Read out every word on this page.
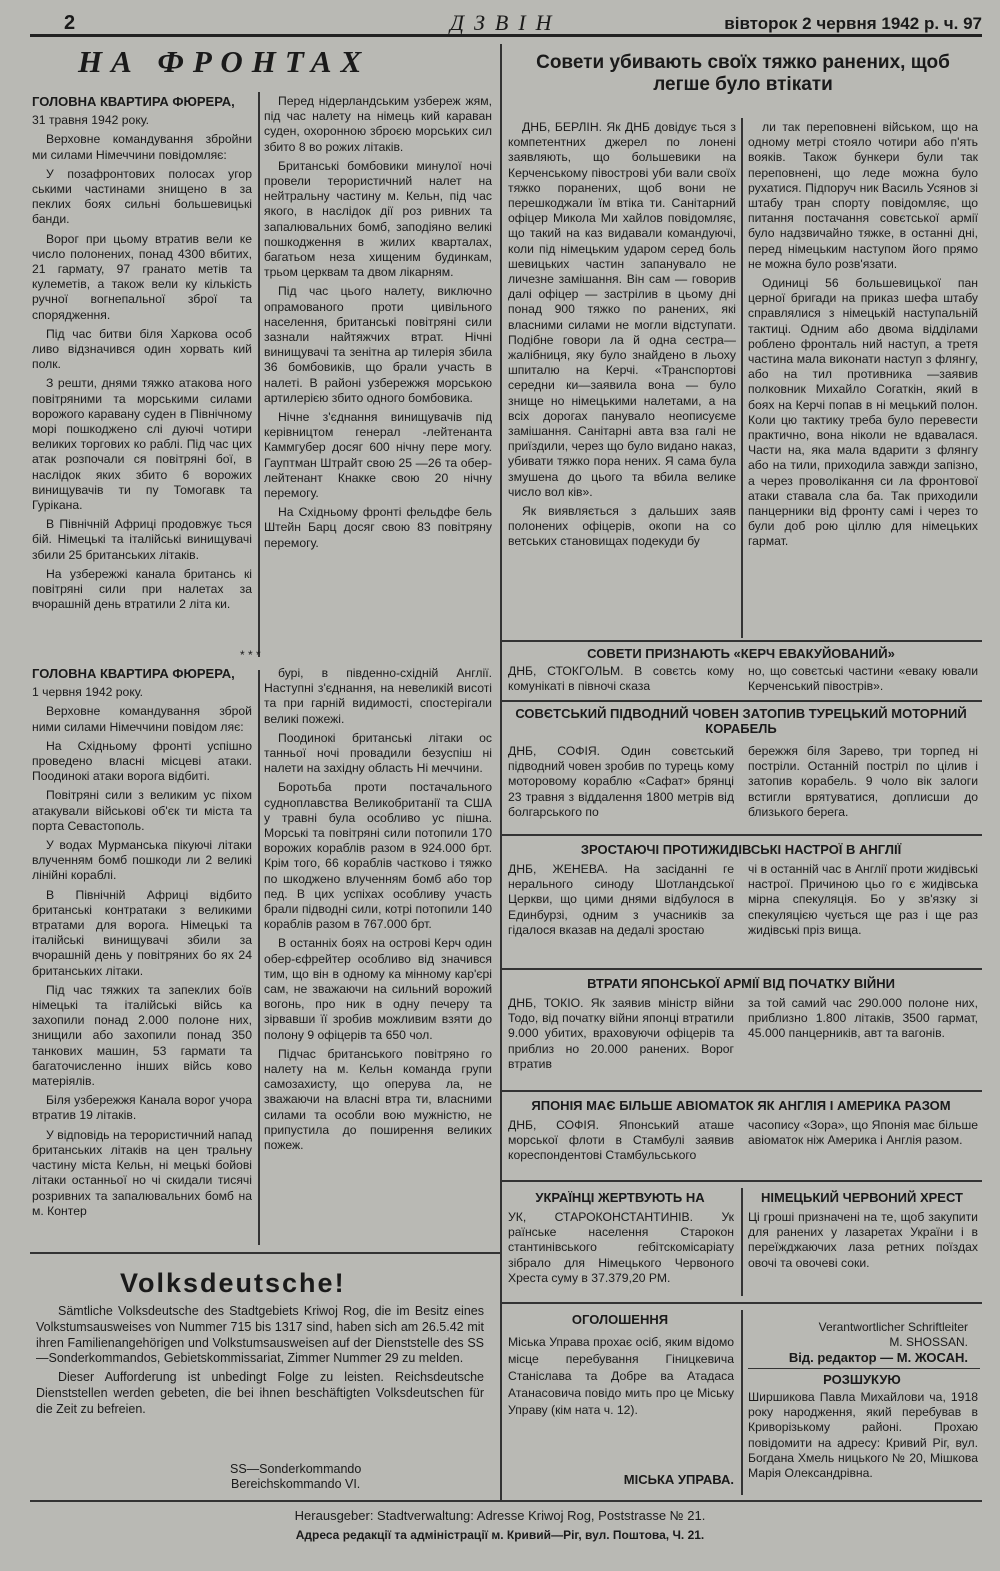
2	ДЗВІН	вівторок 2 червня 1942 р. ч. 97
НА ФРОНТАХ

ГОЛОВНА КВАРТИРА ФЮРЕРА,

31 травня 1942 року.

Верховне командування збройни ми силами Німеччини повідомляє:

У позафронтових полосах угор ськими частинами знищено в за пеклих боях сильні большевицькі банди.

Ворог при цьому втратив вели ке число полонених, понад 4300 вбитих, 21 гармату, 97 гранато метів та кулеметів, а також вели ку кількість ручної вогнепальної зброї та спорядження.

Під час битви біля Харкова особ ливо відзначився один хорвать кий полк.

З решти, днями тяжко атакова ного повітряними та морськими силами ворожого каравану суден в Північному морі пошкоджено слі дуючі чотири великих торгових ко раблі. Під час цих атак розпочали ся повітряні бої, в наслідок яких збито 6 ворожих винищувачів ти пу Томогавк та Гурікана.

В Північній Африці продовжує ться бій. Німецькі та італійські винищувачі збили 25 британських літаків.

На узбережжі канала британсь кі повітряні сили при налетах за вчорашній день втратили 2 літа ки.

Перед нідерландським узбереж жям, під час налету на німець кий караван суден, охоронною зброєю морських сил збито 8 во рожих літаків.

Британські бомбовики минулої ночі провели терористичний налет на нейтральну частину м. Кельн, під час якого, в наслідок дії роз ривних та запалювальних бомб, заподіяно великі пошкодження в жилих кварталах, багатьом неза хищеним будинкам, трьом церквам та двом лікарням.

Під час цього налету, виключно опрамованого проти цивільного населення, британські повітряні сили зазнали найтяжчих втрат. Нічні винищувачі та зенітна ар тилерія збила 36 бомбовиків, що брали участь в налеті. В районі узбережжя морською артилерією збито одного бомбовика.

Нічне з'єднання винищувачів під керівництом генерал -лейтенанта Каммгубер досяг 600 нічну пере могу. Гауптман Штрайт свою 25 —26 та обер-лейтенант Кнакке свою 20 нічну перемогу.

На Східньому фронті фельдфе бель Штейн Барц досяг свою 83 повітряну перемогу.

* * *

ГОЛОВНА КВАРТИРА ФЮРЕРА,

1 червня 1942 року.

Верховне командування збрoй ними силами Німеччини повідом ляє:

На Східньому фронті успішно проведено власні місцеві атаки. Поодинокі атаки ворога відбиті.

Повітряні сили з великим ус піхом атакували військові об'єк ти міста та порта Севастополь.

У водах Мурманська пікуючі літаки влученням бомб пошкоди ли 2 великі лінійні кораблі.

В Північній Африці відбито британські контратаки з великими втратами для ворога. Німецькі та італійські винищувачі збили за вчорашній день у повітряних бо ях 24 британських літаки.

Під час тяжких та запеклих боїв німецькі та італійські війсь ка захопили понад 2.000 полоне них, знищили або захопили понад 350 танкових машин, 53 гармати та багаточисленно інших війсь ково матеріялів.

Біля узбережжя Канала ворог учора втратив 19 літаків.

У відповідь на терористичний напад британських літаків на цен тральну частину міста Кельн, ні мецькі бойові літаки останньої но чі скидали тисячі розривних та запалювальних бомб на м. Контер

бурі, в південно-східній Англії. Наступні з'єднання, на невеликій висоті та при гарній видимості, спостерігали великі пожежі.

Поодинокі британські літаки ос танньої ночі провадили безуспіш ні налети на західну область Ні меччини.

Боротьба проти постачального судноплавства Великобританії та США у травні була особливо ус пішна. Морські та повітряні сили потопили 170 ворожих кораблів разом в 924.000 брт. Крім того, 66 кораблів частково і тяжко по шкоджено влученням бомб або тор пед. В цих успіхах особливу участь брали підводні сили, котрі потопили 140 кораблів разом в 767.000 брт.

В останніх боях на острові Керч один обер-єфрейтер особливо від значився тим, що він в одному ка мінному кар'єрі сам, не зважаючи на сильний ворожий вогонь, про ник в одну печеру та зірвавши її зробив можливим взяти до полону 9 офіцерів та 650 чол.

Підчас британського повітряно го налету на м. Кельн команда групи самозахисту, що оперува ла, не зважаючи на власні втра ти, власними силами та особли вою мужністю, не припустила до поширення великих пожеж.

Volksdeutsche!

Sämtliche Volksdeutsche des Stadtgebiets Kriwoj Rog, die im Besitz eines Volkstumsausweises von Nummer 715 bis 1317 sind, haben sich am 26.5.42 mit ihren Familienangehörigen und Volkstumsausweisen auf der Dienststelle des SS—Sonderkommandos, Gebietskommissariat, Zimmer Nummer 29 zu melden.

Dieser Aufforderung ist unbedingt Folge zu leisten. Reichsdeutsche Dienststellen werden gebeten, die bei ihnen beschäftigten Volksdeutschen für die Zeit zu befreien.

SS—Sonderkommando
Bereichskommando VI.
Совети убивають своїх тяжко ранених, щоб легше було втікати

ДНБ, БЕРЛІН. Як ДНБ довідує ться з компетентних джерел по лонені заявляють, що большевики на Керченському півострові уби вали своїх тяжко поранених, щоб вони не перешкоджали їм втіка ти. Санітарний офіцер Микола Ми хайлов повідомляє, що такий на каз видавали командуючі, коли під німецьким ударом серед боль шевицьких частин запанувало не личезне замішання. Він сам — говорив далі офіцер — застрілив в цьому дні понад 900 тяжко по ранених, які власними силами не могли відступати. Подібне говори ла й одна сестра—жалібниця, яку було знайдено в льоху шпиталю на Керчі. «Транспортові середни ки—заявила вона — було знище но німецькими налетами, а на всіх дорогах панувало неописуєме замішання. Санітарні авта вза галі не приїздили, через що було видано наказ, убивати тяжко пора нених. Я сама була змушена до цього та вбила велике число вол ків».

Як виявляється з дальших заяв полонених офіцерів, окопи на со ветських становищах подекуди бу

ли так переповнені військом, що на одному метрі стояло чотири або п'ять вояків. Також бункери були так переповнені, що леде можна було рухатися. Підпоруч ник Василь Усянов зі штабу тран спорту повідомляє, що питання постачання совєтської армії було надзвичайно тяжке, в останні дні, перед німецьким наступом його прямо не можна було розв'язати.

Одиниці 56 большевицької пан церної бригади на приказ шефа штабу справлялися з німецькій наступальній тактиці. Одним або двома відділами робленo фронталь ний наступ, а третя частина мала виконати наступ з флянгу, або на тил противника —заявив полковник Михайло Согаткін, який в боях на Керчі попав в ні мецький полон. Коли цю тактику треба було перевести практично, вона ніколи не вдавалася. Части на, яка мала вдарити з флянгу або на тили, приходила завжди запізно, а через проволікання си ла фронтової атаки ставала сла ба. Так приходили панцерники від фронту самі і через то були доб рою ціллю для німецьких гармат.

СОВЕТИ ПРИЗНАЮТЬ «КЕРЧ ЕВАКУЙОВАНИЙ»
ДНБ, СТОКГОЛЬМ. В совєтсь кому комунікаті в півночі сказа
но, що совєтські частини «еваку ювали Керченський півострів».
СОВЄТСЬКИЙ ПІДВОДНИЙ ЧОВЕН ЗАТОПИВ ТУРЕЦЬКИЙ МОТОРНИЙ КОРАБЕЛЬ
ДНБ, СОФІЯ. Один совєтський підводний човен зробив по турець кому моторовому кораблю «Сафат» брянці 23 травня з віддалення 1800 метрів від болгарського по
бережжя біля Зарево, три торпед ні постріли. Останній постріл по цілив і затопив корабель. 9 чоло вік залоги встигли врятуватися, доплисши до близького берега.
ЗРОСТАЮЧІ ПРОТИЖИДІВСЬКІ НАСТРОЇ В АНГЛІЇ
ДНБ, ЖЕНЕВА. На засіданні ге нерального синоду Шотландської Церкви, що цими днями відбулося в Единбурзі, одним з учасників за гідалося вказав на дедалі зростаю
чі в останній час в Англії проти жидівські настрої. Причиною цьо го є жидівська мірна спекуляція. Бо у зв'язку зі спекуляцією чується ще раз і ще раз жидівські пріз вища.
ВТРАТИ ЯПОНСЬКОЇ АРМІЇ ВІД ПОЧАТКУ ВІЙНИ
ДНБ, ТОКІО. Як заявив міністр війни Тодо, від початку війни японці втратили 9.000 убитих, враховуючи офіцерів та приблиз но 20.000 ранених. Ворог втратив
за той самий час 290.000 полоне них, приблизно 1.800 літаків, 3500 гармат, 45.000 панцерників, авт та вагонів.
ЯПОНІЯ МАЄ БІЛЬШЕ АВІОМАТОК ЯК АНГЛІЯ І АМЕРИКА РАЗОМ
ДНБ, СОФІЯ. Японський аташе морської флоти в Стамбулі заявив кореспондентові Стамбульського
часопису «Зора», що Японія має більше авіоматок ніж Америка і Англія разом.
УКРАЇНЦІ ЖЕРТВУЮТЬ НА
УК, СТАРОКОНСТАНТИНІВ. Ук раїнське населення Старокон стантинівського гебітскомісаріату зібрало для Німецького Червоного Хреста суму в 37.379,20 РМ.
НІМЕЦЬКИЙ ЧЕРВОНИЙ ХРЕСТ
Ці гроші призначені на те, щоб закупити для ранених у лазаретах України і в переїжджаючих лаза ретних поїздах овочі та овочеві соки.
ОГОЛОШЕННЯ
Міська Управа прохає осіб, яким відомо місце перебування Гіницкевича Станіслава та Добре ва Атадаса Атанасовича повідо мить про це Міську Управу (кім ната ч. 12).
МІСЬКА УПРАВА.
Verantwortlicher Schriftleiter
M. SHOSSAN.
Від. редактор — М. ЖОСАН.
РОЗШУКУЮ
Ширшикова Павла Михайлови ча, 1918 року народження, який перебував в Криворізькому районі. Прохаю повідомити на адресу: Кривий Ріг, вул. Богдана Хмель ницького № 20, Мішкова Марія Олександрівна.
Herausgeber: Stadtverwaltung: Adresse Kriwoj Rog, Poststrasse № 21.
Адреса редакції та адміністрації м. Кривий—Ріг, вул. Поштова, Ч. 21.
